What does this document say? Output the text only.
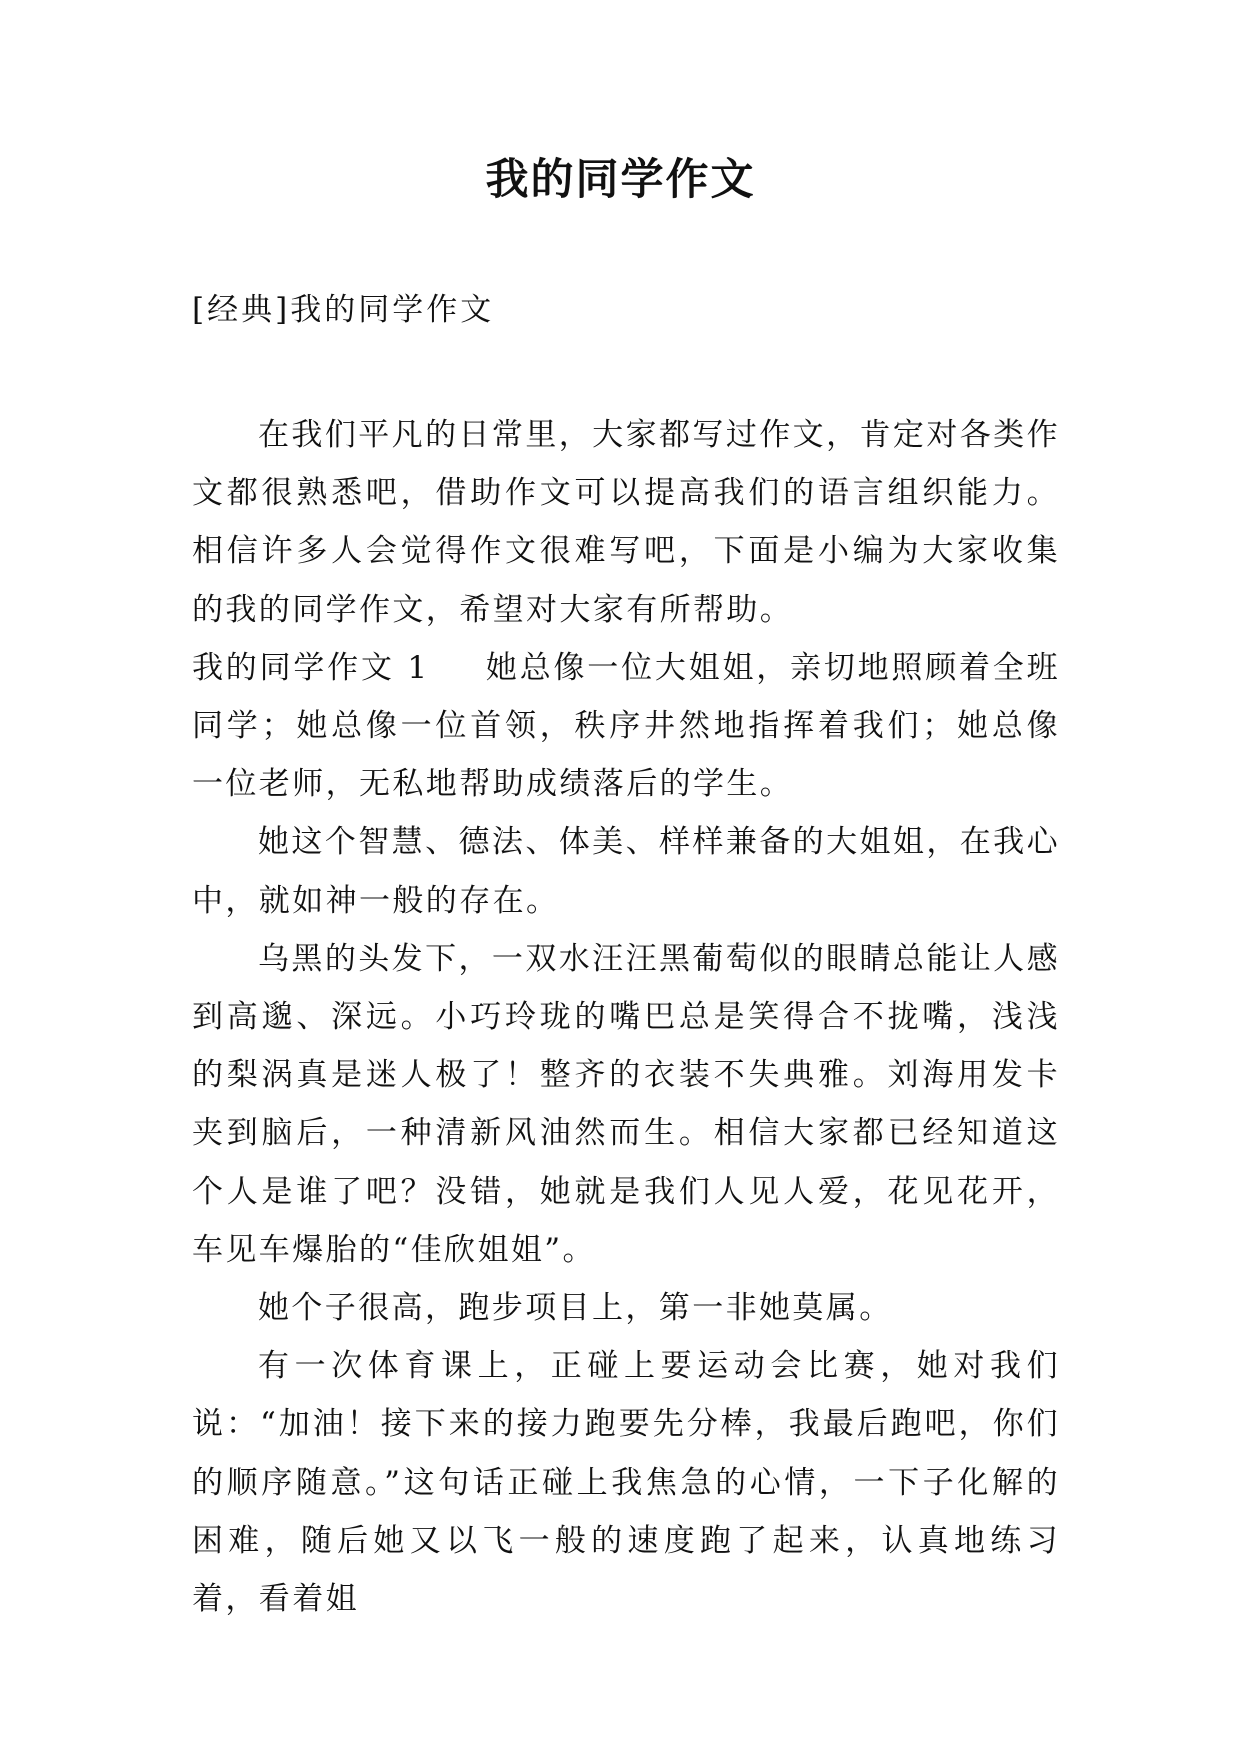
我的同学作文

[经典]我的同学作文

在我们平凡的日常里，大家都写过作文，肯定对各类作文都很熟悉吧，借助作文可以提高我们的语言组织能力。相信许多人会觉得作文很难写吧，下面是小编为大家收集的我的同学作文，希望对大家有所帮助。

我的同学作文 1 她总像一位大姐姐，亲切地照顾着全班同学；她总像一位首领，秩序井然地指挥着我们；她总像一位老师，无私地帮助成绩落后的学生。

她这个智慧、德法、体美、样样兼备的大姐姐，在我心中，就如神一般的存在。

乌黑的头发下，一双水汪汪黑葡萄似的眼睛总能让人感到高邈、深远。小巧玲珑的嘴巴总是笑得合不拢嘴，浅浅的梨涡真是迷人极了！整齐的衣装不失典雅。刘海用发卡夹到脑后，一种清新风油然而生。相信大家都已经知道这个人是谁了吧？没错，她就是我们人见人爱，花见花开，车见车爆胎的“佳欣姐姐”。

她个子很高，跑步项目上，第一非她莫属。

有一次体育课上，正碰上要运动会比赛，她对我们说：“加油！接下来的接力跑要先分棒，我最后跑吧，你们的顺序随意。”这句话正碰上我焦急的心情，一下子化解的困难，随后她又以飞一般的速度跑了起来，认真地练习着，看着姐
